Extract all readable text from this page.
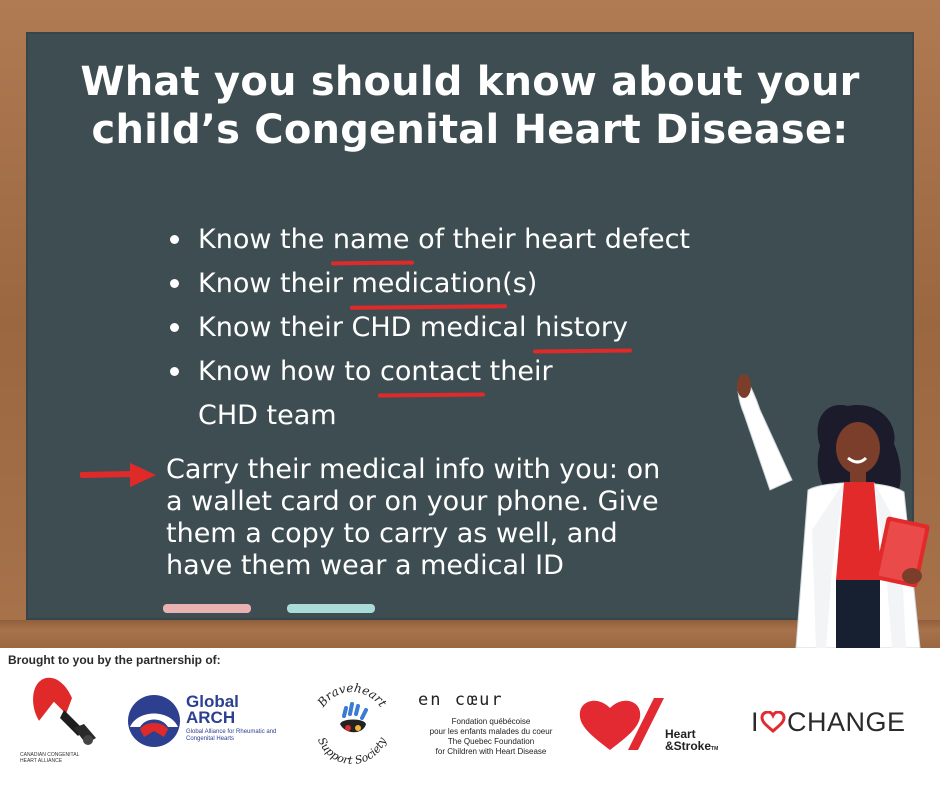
What you should know about your
child’s Congenital Heart Disease:
Know the name of their heart defect
Know their medication(s)
Know their CHD medical history
Know how to contact their
CHD team
Carry their medical info with you: on
a wallet card or on your phone. Give
them a copy to carry as well, and
have them wear a medical ID
Brought to you by the partnership of:
CANADIAN CONGENITAL HEART ALLIANCE
Global
ARCH
Global Alliance for Rheumatic and Congenital Hearts
Braveheart
Support Society
en cœur
Fondation québécoise
pour les enfants malades du coeur
The Quebec Foundation
for Children with Heart Disease
Heart
&StrokeTM
I CHANGE
